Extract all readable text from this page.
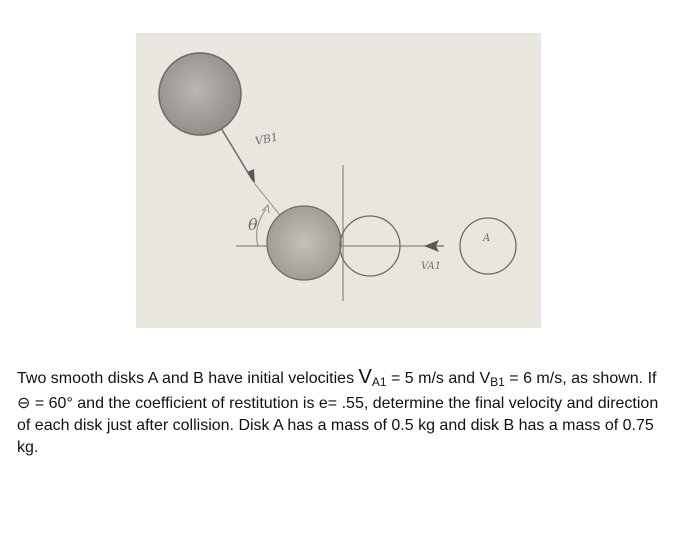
VB1
θ
VA1
A
Two smooth disks A and B have initial velocities $V_{A1} = 5$ m/s and $V_{B1} = 6$ m/s, as shown. If ⊖ = 60° and the coefficient of restitution is e= .55, determine the final velocity and direction of each disk just after collision. Disk A has a mass of 0.5 kg and disk B has a mass of 0.75 kg.
